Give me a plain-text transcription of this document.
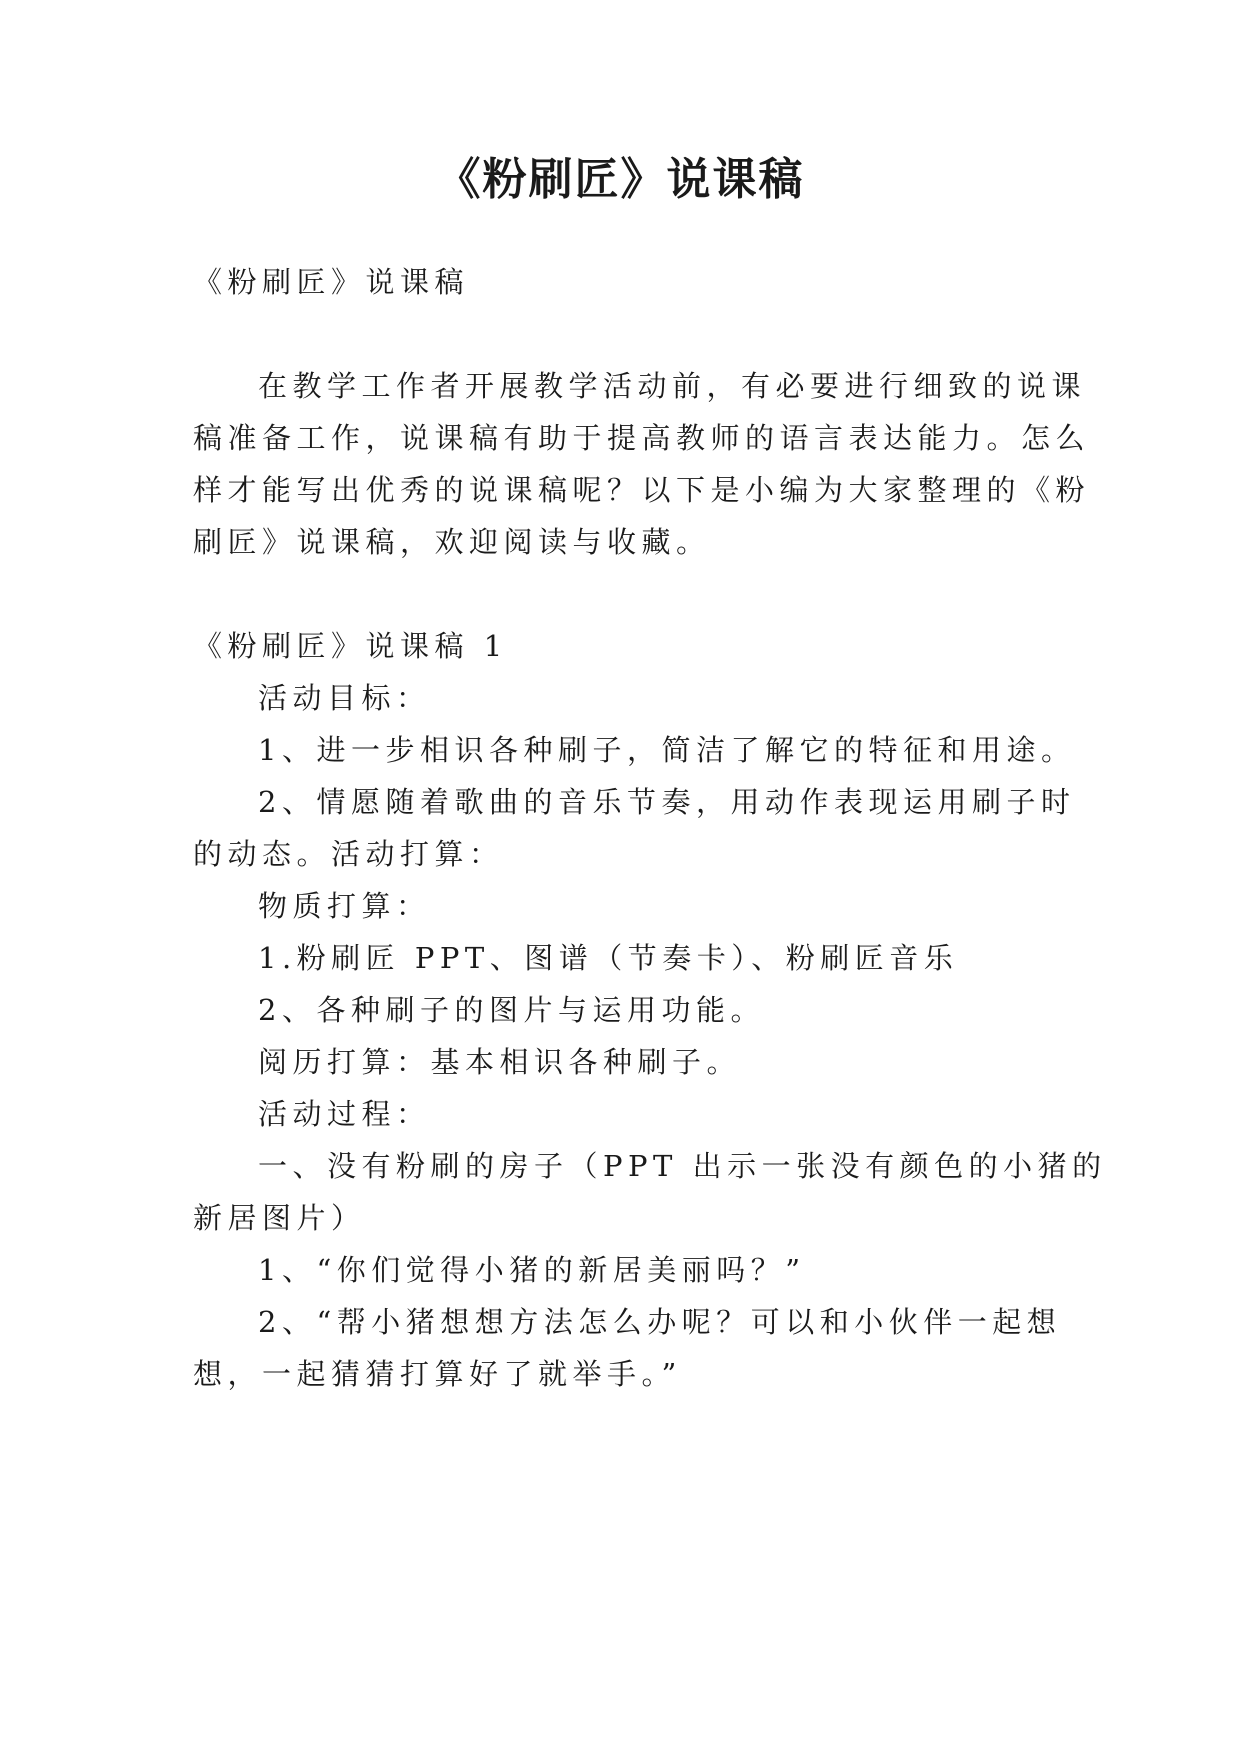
《粉刷匠》说课稿
《粉刷匠》说课稿
在教学工作者开展教学活动前，有必要进行细致的说课
稿准备工作，说课稿有助于提高教师的语言表达能力。怎么
样才能写出优秀的说课稿呢？以下是小编为大家整理的《粉
刷匠》说课稿，欢迎阅读与收藏。
《粉刷匠》说课稿 1
活动目标：
1、进一步相识各种刷子，简洁了解它的特征和用途。
2、情愿随着歌曲的音乐节奏，用动作表现运用刷子时
的动态。活动打算：
物质打算：
1.粉刷匠 PPT、图谱（节奏卡）、粉刷匠音乐
2、各种刷子的图片与运用功能。
阅历打算：基本相识各种刷子。
活动过程：
一、没有粉刷的房子（PPT 出示一张没有颜色的小猪的
新居图片）
1、“你们觉得小猪的新居美丽吗？”
2、“帮小猪想想方法怎么办呢？可以和小伙伴一起想
想，一起猜猜打算好了就举手。”
